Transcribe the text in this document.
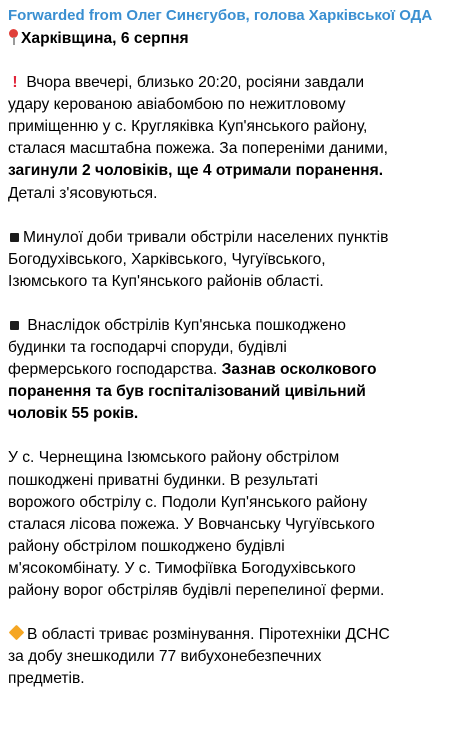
Forwarded from Олег Синєгубов, голова Харківської ОДА
Харківщина, 6 серпня
! Вчора ввечері, близько 20:20, росіяни завдали
удару керованою авіабомбою по нежитловому
приміщенню у с. Кругляківка Куп'янського району,
сталася масштабна пожежа. За попереніми даними,
загинули 2 чоловіків, ще 4 отримали поранення.
Деталі з'ясовуються.
Минулої доби тривали обстріли населених пунктів
Богодухівського, Харківського, Чугуївського,
Ізюмського та Куп'янського районів області.
Внаслідок обстрілів Куп'янська пошкоджено
будинки та господарчі споруди, будівлі
фермерського господарства. Зазнав осколкового
поранення та був госпіталізований цивільний
чоловік 55 років.
У с. Чернещина Ізюмського району обстрілом
пошкоджені приватні будинки. В результаті
ворожого обстрілу с. Подоли Куп'янського району
сталася лісова пожежа. У Вовчанську Чугуївського
району обстрілом пошкоджено будівлі
м'ясокомбінату. У с. Тимофіївка Богодухівського
району ворог обстріляв будівлі перепелиної ферми.
В області триває розмінування. Піротехніки ДСНС
за добу знешкодили 77 вибухонебезпечних
предметів.
